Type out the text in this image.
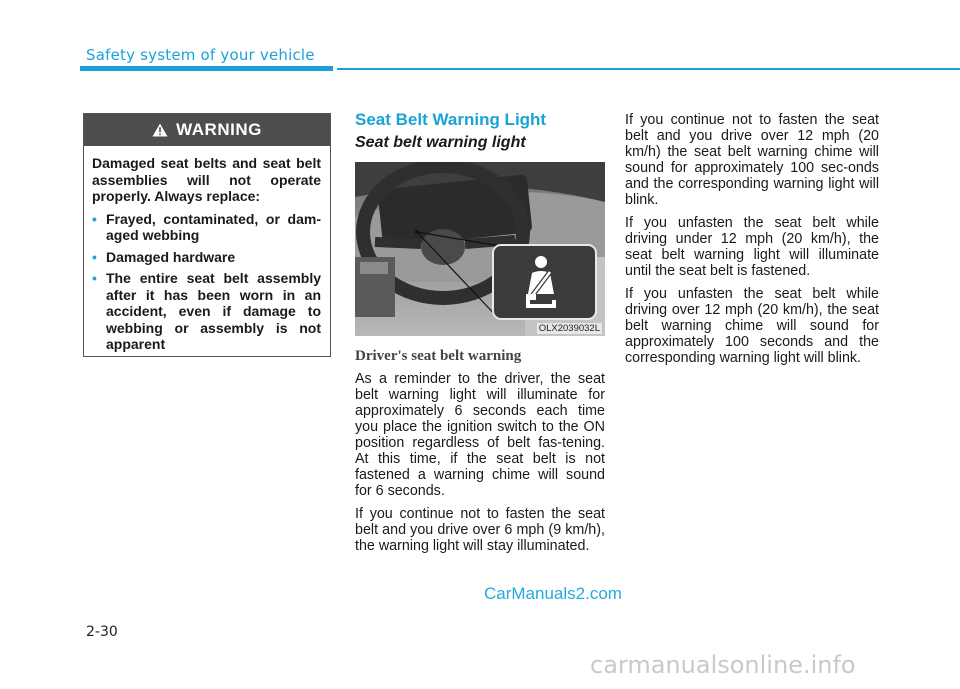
Safety system of your vehicle
WARNING

Damaged seat belts and seat belt assemblies will not operate properly. Always replace:

• Frayed, contaminated, or dam-aged webbing
• Damaged hardware
• The entire seat belt assembly after it has been worn in an accident, even if damage to webbing or assembly is not apparent
Seat Belt Warning Light
Seat belt warning light
OLX2039032L
Driver's seat belt warning

As a reminder to the driver, the seat belt warning light will illuminate for approximately 6 seconds each time you place the ignition switch to the ON position regardless of belt fas-tening. At this time, if the seat belt is not fastened a warning chime will sound for 6 seconds.

If you continue not to fasten the seat belt and you drive over 6 mph (9 km/h), the warning light will stay illuminated.

If you continue not to fasten the seat belt and you drive over 12 mph (20 km/h) the seat belt warning chime will sound for approximately 100 sec-onds and the corresponding warning light will blink.

If you unfasten the seat belt while driving under 12 mph (20 km/h), the seat belt warning light will illuminate until the seat belt is fastened.

If you unfasten the seat belt while driving over 12 mph (20 km/h), the seat belt warning chime will sound for approximately 100 seconds and the corresponding warning light will blink.

CarManuals2.com
2-30
carmanualsonline.info
